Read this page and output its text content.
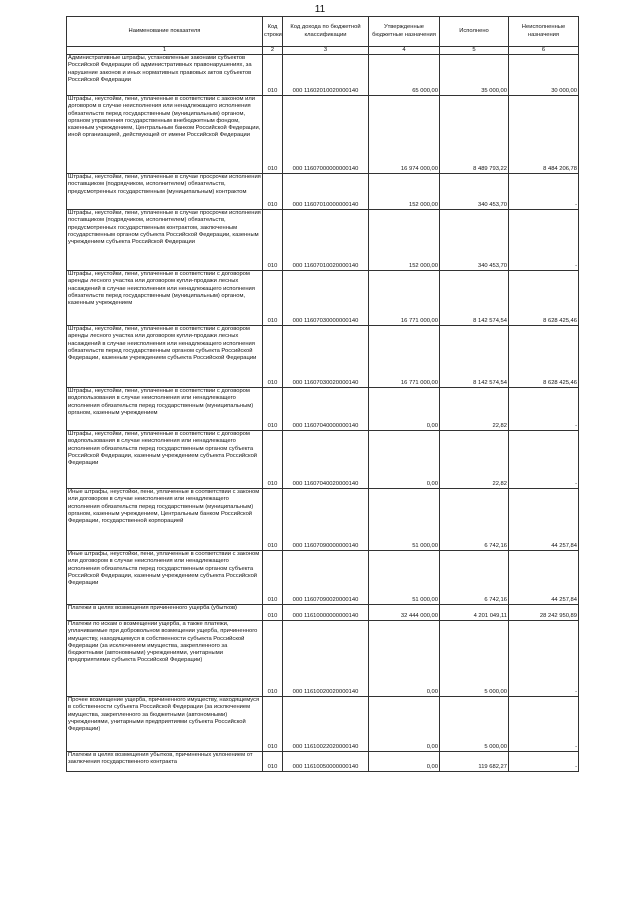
11
Наименование показателя	Код строки	Код дохода по бюджетной классификации	Утвержденные бюджетные назначения	Исполнено	Неисполненные назначения
1	2	3	4	5	6
Административные штрафы, установленные законами субъектов Российской Федерации об административных правонарушениях, за нарушение законов и иных нормативных правовых актов субъектов Российской Федерации	010	000 11602010020000140	65 000,00	35 000,00	30 000,00
Штрафы, неустойки, пени, уплаченные в соответствии с законом или договором в случае неисполнения или ненадлежащего исполнения обязательств перед государственным (муниципальным) органом, органом управления государственным внебюджетным фондом, казенным учреждением, Центральным банком Российской Федерации, иной организацией, действующей от имени Российской Федерации	010	000 11607000000000140	16 974 000,00	8 489 793,22	8 484 206,78
Штрафы, неустойки, пени, уплаченные в случае просрочки исполнения поставщиком (подрядчиком, исполнителем) обязательств, предусмотренных государственным (муниципальным) контрактом	010	000 11607010000000140	152 000,00	340 453,70	-
Штрафы, неустойки, пени, уплаченные в случае просрочки исполнения поставщиком (подрядчиком, исполнителем) обязательств, предусмотренных государственным контрактом, заключенным государственным органом субъекта Российской Федерации, казенным учреждением субъекта Российской Федерации	010	000 11607010020000140	152 000,00	340 453,70	-
Штрафы, неустойки, пени, уплаченные в соответствии с договором аренды лесного участка или договором купли-продажи лесных насаждений в случае неисполнения или ненадлежащего исполнения обязательств перед государственным (муниципальным) органом, казенным учреждением	010	000 11607030000000140	16 771 000,00	8 142 574,54	8 628 425,46
Штрафы, неустойки, пени, уплаченные в соответствии с договором аренды лесного участка или договором купли-продажи лесных насаждений в случае неисполнения или ненадлежащего исполнения обязательств перед государственным органом субъекта Российской Федерации, казенным учреждением субъекта Российской Федерации	010	000 11607030020000140	16 771 000,00	8 142 574,54	8 628 425,46
Штрафы, неустойки, пени, уплаченные в соответствии с договором водопользования в случае неисполнения или ненадлежащего исполнения обязательств перед государственным (муниципальным) органом, казенным учреждением	010	000 11607040000000140	0,00	22,82	-
Штрафы, неустойки, пени, уплаченные в соответствии с договором водопользования в случае неисполнения или ненадлежащего исполнения обязательств перед государственным органом субъекта Российской Федерации, казенным учреждением субъекта Российской Федерации	010	000 11607040020000140	0,00	22,82	-
Иные штрафы, неустойки, пени, уплаченные в соответствии с законом или договором в случае неисполнения или ненадлежащего исполнения обязательств перед государственным (муниципальным) органом, казенным учреждением, Центральным банком Российской Федерации, государственной корпорацией	010	000 11607090000000140	51 000,00	6 742,16	44 257,84
Иные штрафы, неустойки, пени, уплаченные в соответствии с законом или договором в случае неисполнения или ненадлежащего исполнения обязательств перед государственным органом субъекта Российской Федерации, казенным учреждением субъекта Российской Федерации	010	000 11607090020000140	51 000,00	6 742,16	44 257,84
Платежи в целях возмещения причиненного ущерба (убытков)	010	000 11610000000000140	32 444 000,00	4 201 049,11	28 242 950,89
Платежи по искам о возмещении ущерба, а также платежи, уплачиваемые при добровольном возмещении ущерба, причиненного имуществу, находящемуся в собственности субъекта Российской Федерации (за исключением имущества, закрепленного за бюджетными (автономными) учреждениями, унитарными предприятиями субъекта Российской Федерации)	010	000 11610020020000140	0,00	5 000,00	-
Прочее возмещение ущерба, причиненного имуществу, находящемуся в собственности субъекта Российской Федерации (за исключением имущества, закрепленного за бюджетными (автономными) учреждениями, унитарными предприятиями субъекта Российской Федерации)	010	000 11610022020000140	0,00	5 000,00	-
Платежи в целях возмещения убытков, причиненных уклонением от заключения государственного контракта	010	000 11610050000000140	0,00	119 682,27	-
